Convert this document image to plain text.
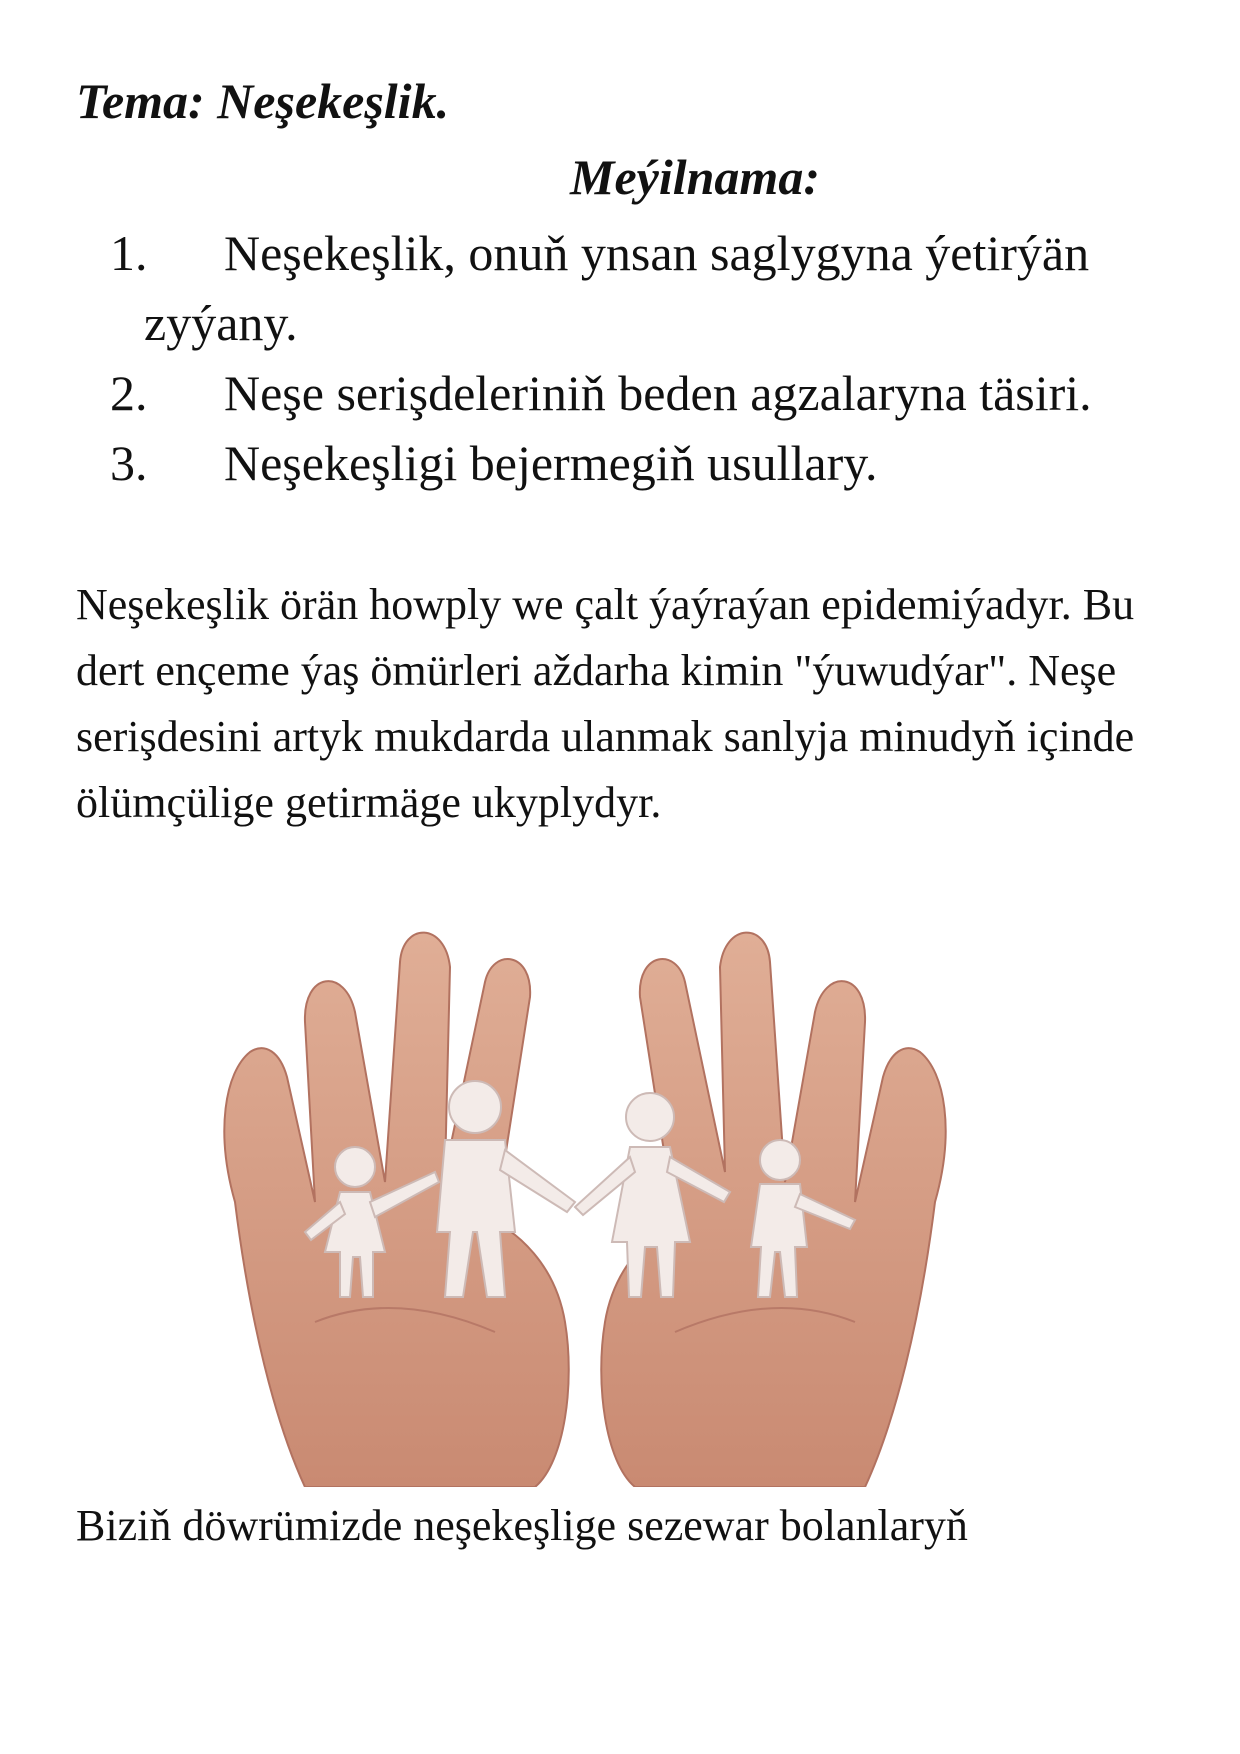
Tema: Neşekeşlik.
Meýilnama:
1. Neşekeşlik, onuň ynsan saglygyna ýetirýän
zyýany.
2. Neşe serişdeleriniň beden agzalaryna täsiri.
3. Neşekeşligi bejermegiň usullary.

Neşekeşlik örän howply we çalt ýaýraýan epidemiýadyr. Bu dert ençeme ýaş ömürleri aždarha kimin "ýuwudýar". Neşe serişdesini artyk mukdarda ulanmak sanlyja minudyň içinde ölümçülige getirmäge ukyplydyr.

Biziň döwrümizde neşekeşlige sezewar bolanlaryň
